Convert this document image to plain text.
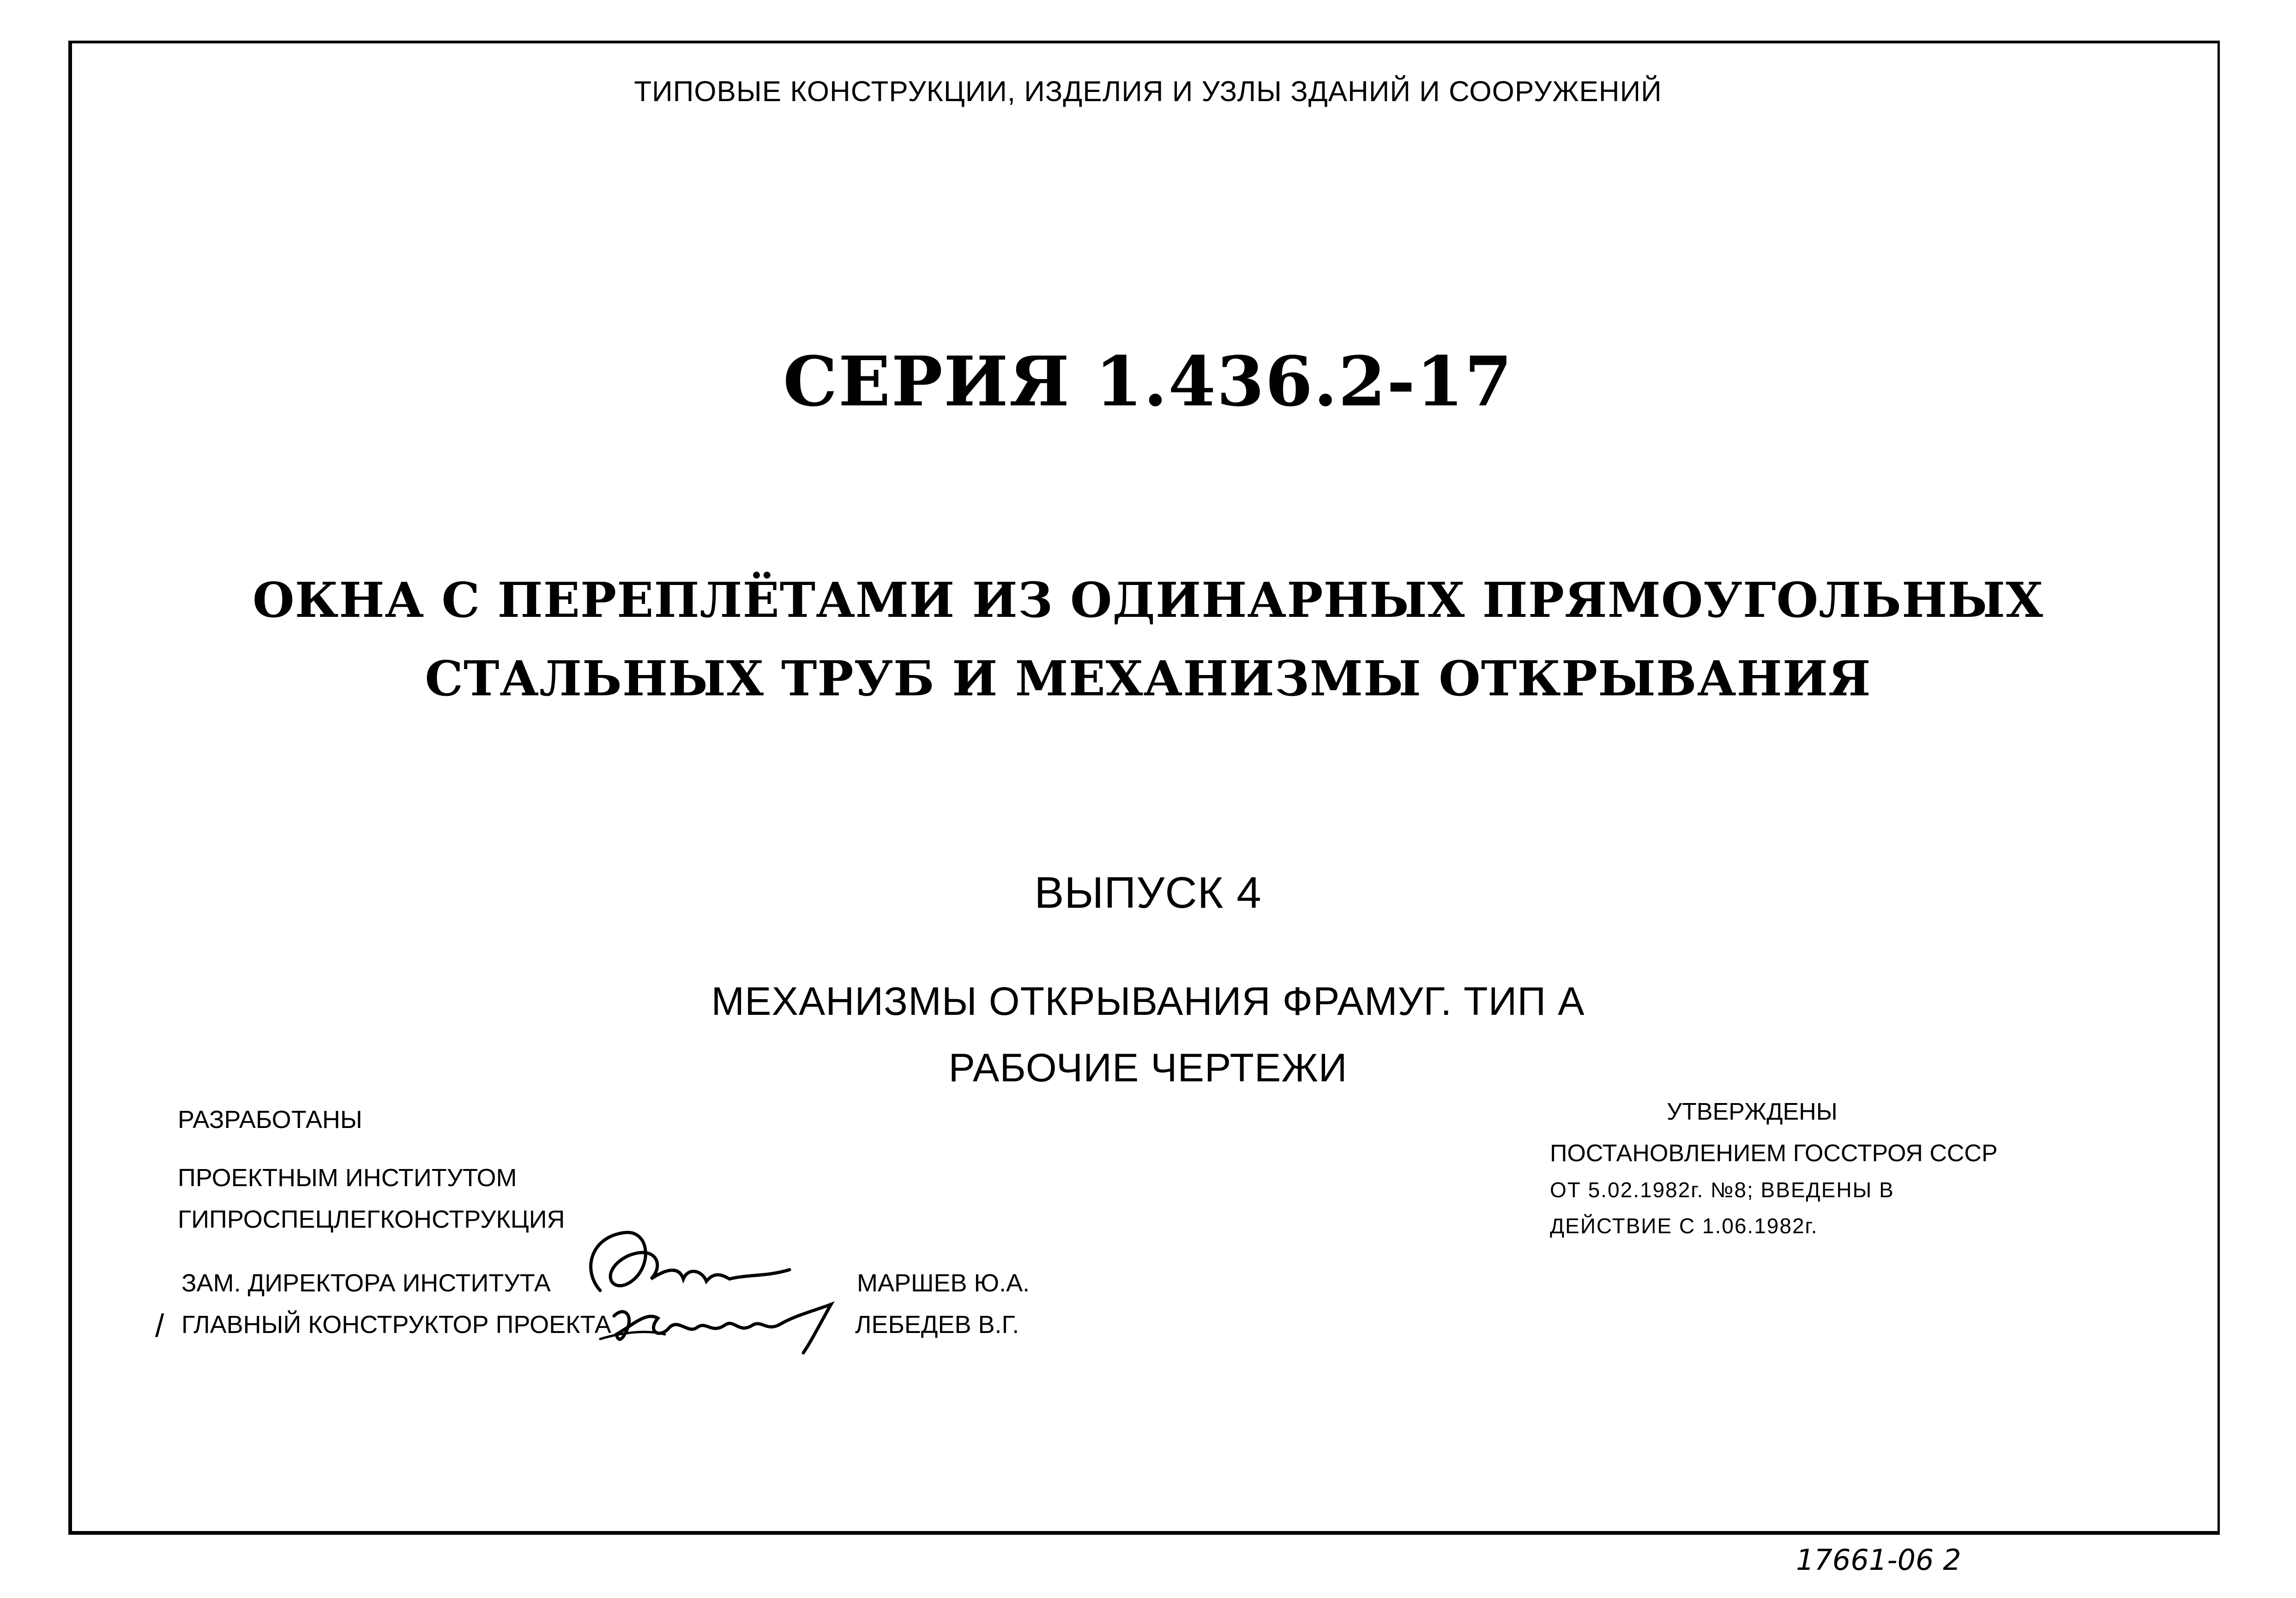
ТИПОВЫЕ КОНСТРУКЦИИ, ИЗДЕЛИЯ И УЗЛЫ ЗДАНИЙ И СООРУЖЕНИЙ
СЕРИЯ 1.436.2-17
ОКНА С ПЕРЕПЛЁТАМИ ИЗ ОДИНАРНЫХ ПРЯМОУГОЛЬНЫХ
СТАЛЬНЫХ ТРУБ И МЕХАНИЗМЫ ОТКРЫВАНИЯ
ВЫПУСК 4
МЕХАНИЗМЫ ОТКРЫВАНИЯ ФРАМУГ. ТИП А
РАБОЧИЕ ЧЕРТЕЖИ
РАЗРАБОТАНЫ
ПРОЕКТНЫМ ИНСТИТУТОМ
ГИПРОСПЕЦЛЕГКОНСТРУКЦИЯ
ЗАМ. ДИРЕКТОРА ИНСТИТУТА
ГЛАВНЫЙ КОНСТРУКТОР ПРОЕКТА
/
МАРШЕВ Ю.А.
ЛЕБЕДЕВ В.Г.
УТВЕРЖДЕНЫ
ПОСТАНОВЛЕНИЕМ ГОССТРОЯ СССР
ОТ 5.02.1982г. №8; ВВЕДЕНЫ В
ДЕЙСТВИЕ С 1.06.1982г.
17661-06 2
